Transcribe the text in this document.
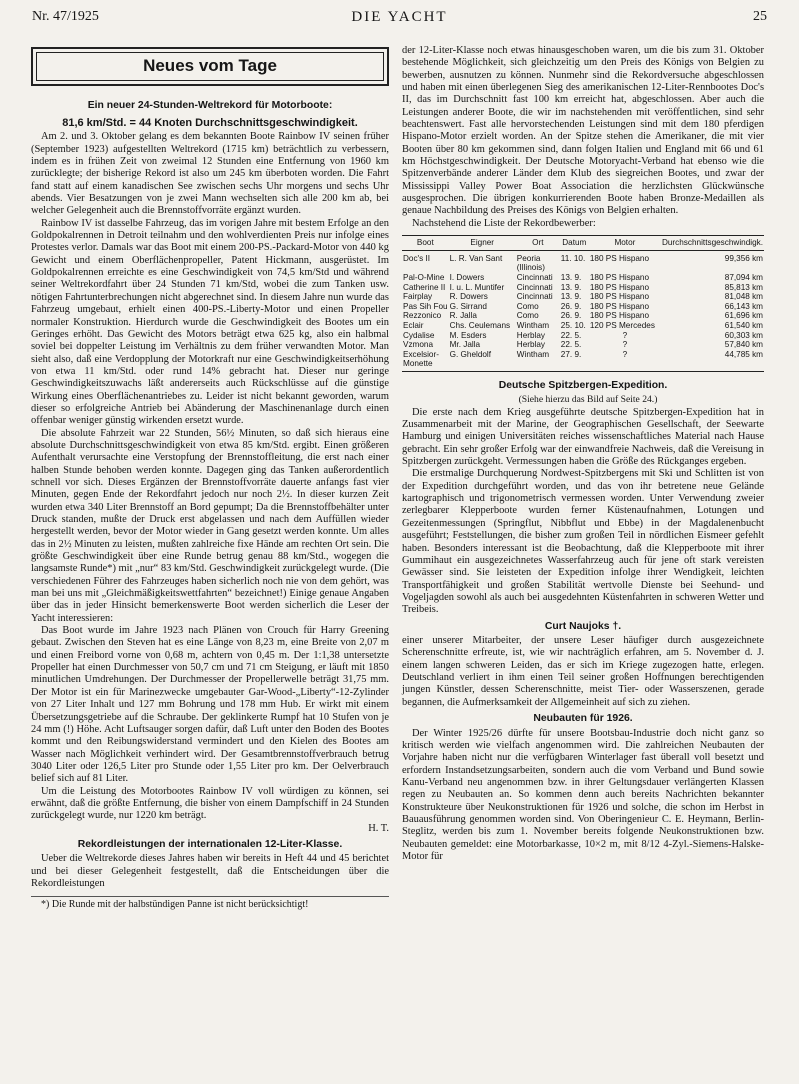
Nr. 47/1925	DIE YACHT	25
Neues vom Tage
Ein neuer 24-Stunden-Weltrekord für Motorboote:
81,6 km/Std. = 44 Knoten Durchschnittsgeschwindigkeit.

Am 2. und 3. Oktober gelang es dem bekannten Boote Rainbow IV seinen früher (September 1923) aufgestellten Weltrekord (1715 km) beträchtlich zu verbessern, indem es in frühen Zeit von zweimal 12 Stunden eine Entfernung von 1960 km zurücklegte; der bisherige Rekord ist also um 245 km überboten worden. Die Fahrt fand statt auf einem kanadischen See zwischen sechs Uhr morgens und sechs Uhr abends. Vier Besatzungen von je zwei Mann wechselten sich alle 200 km ab, bei welcher Gelegenheit auch die Brennstoffvorräte ergänzt wurden.

Rainbow IV ist dasselbe Fahrzeug, das im vorigen Jahre mit bestem Erfolge an den Goldpokalrennen in Detroit teilnahm und den wohlverdienten Preis nur infolge eines Protestes verlor. Damals war das Boot mit einem 200-PS.-Packard-Motor von 440 kg Gewicht und einem Oberflächenpropeller, Patent Hickmann, ausgerüstet. Im Goldpokalrennen erreichte es eine Geschwindigkeit von 74,5 km/Std und während seiner Weltrekordfahrt über 24 Stunden 71 km/Std, wobei die zum Tanken usw. nötigen Fahrtunterbrechungen nicht abgerechnet sind. In diesem Jahre nun wurde das Fahrzeug umgebaut, erhielt einen 400-PS.-Liberty-Motor und einen Propeller normaler Konstruktion. Hierdurch wurde die Geschwindigkeit des Bootes um ein Geringes erhöht. Das Gewicht des Motors beträgt etwa 625 kg, also ein halbmal soviel bei doppelter Leistung im Verhältnis zu dem früher verwandten Motor. Man sieht also, daß eine Verdopplung der Motorkraft nur eine Geschwindigkeitserhöhung von etwa 11 km/Std. oder rund 14% gebracht hat. Dieser nur geringe Geschwindigkeitszuwachs läßt andererseits auch Rückschlüsse auf die günstige Wirkung eines Oberflächenantriebes zu. Leider ist nicht bekannt geworden, warum dieser so erfolgreiche Antrieb bei Abänderung der Maschinenanlage durch einen offenbar weniger günstig wirkenden ersetzt wurde.

Die absolute Fahrzeit war 22 Stunden, 56½ Minuten, so daß sich hieraus eine absolute Durchschnittsgeschwindigkeit von etwa 85 km/Std. ergibt. Einen größeren Aufenthalt verursachte eine Verstopfung der Brennstoffleitung, die erst nach einer halben Stunde behoben werden konnte. Dagegen ging das Tanken außerordentlich schnell vor sich. Dieses Ergänzen der Brennstoffvorräte dauerte anfangs fast vier Minuten, gegen Ende der Rekordfahrt jedoch nur noch 2½. In dieser kurzen Zeit wurden etwa 340 Liter Brennstoff an Bord gepumpt; Da die Brennstoffbehälter unter Druck standen, mußte der Druck erst abgelassen und nach dem Auffüllen wieder hergestellt werden, bevor der Motor wieder in Gang gesetzt werden konnte. Um alles das in 2½ Minuten zu leisten, mußten zahlreiche fixe Hände am rechten Ort sein. Die größte Geschwindigkeit über eine Runde betrug genau 88 km/Std., wogegen die langsamste Runde*) mit „nur“ 83 km/Std. Geschwindigkeit zurückgelegt wurde. (Die verschiedenen Führer des Fahrzeuges haben sicherlich noch nie von dem gehört, was man bei uns mit „Gleichmäßigkeitswettfahrten“ bezeichnet!) Einige genaue Angaben über das in jeder Hinsicht bemerkenswerte Boot werden sicherlich die Leser der Yacht interessieren:

Das Boot wurde im Jahre 1923 nach Plänen von Crouch für Harry Greening gebaut. Zwischen den Steven hat es eine Länge von 8,23 m, eine Breite von 2,07 m und einen Freibord vorne von 0,68 m, achtern von 0,45 m. Der 1:1,38 untersetzte Propeller hat einen Durchmesser von 50,7 cm und 71 cm Steigung, er läuft mit 1850 minutlichen Umdrehungen. Der Durchmesser der Propellerwelle beträgt 31,75 mm. Der Motor ist ein für Marinezwecke umgebauter Gar-Wood-„Liberty“-12-Zylinder von 27 Liter Inhalt und 127 mm Bohrung und 178 mm Hub. Er wirkt mit einem Übersetzungsgetriebe auf die Schraube. Der geklinkerte Rumpf hat 10 Stufen von je 24 mm (!) Höhe. Acht Luftsauger sorgen dafür, daß Luft unter den Boden des Bootes kommt und den Reibungswiderstand vermindert und den Kielen des Bootes am Wasser nach Möglichkeit verhindert wird. Der Gesamtbrennstoffverbrauch betrug 3040 Liter oder 126,5 Liter pro Stunde oder 1,55 Liter pro km. Der Oelverbrauch belief sich auf 81 Liter.

Um die Leistung des Motorbootes Rainbow IV voll würdigen zu können, sei erwähnt, daß die größte Entfernung, die bisher von einem Dampfschiff in 24 Stunden zurückgelegt wurde, nur 1220 km beträgt.

H. T.

Rekordleistungen der internationalen 12-Liter-Klasse.

Ueber die Weltrekorde dieses Jahres haben wir bereits in Heft 44 und 45 berichtet und bei dieser Gelegenheit festgestellt, daß die Entscheidungen über die Rekordleistungen

*) Die Runde mit der halbstündigen Panne ist nicht berücksichtigt!

der 12-Liter-Klasse noch etwas hinausgeschoben waren, um die bis zum 31. Oktober bestehende Möglichkeit, sich gleichzeitig um den Preis des Königs von Belgien zu bewerben, ausnutzen zu können. Nunmehr sind die Rekordversuche abgeschlossen und haben mit einen überlegenen Sieg des amerikanischen 12-Liter-Rennbootes Doc's II, das im Durchschnitt fast 100 km erreicht hat, abgeschlossen. Aber auch die Leistungen anderer Boote, die wir im nachstehenden mit veröffentlichen, sind sehr beachtenswert. Fast alle hervorstechenden Leistungen sind mit dem 180 pferdigen Hispano-Motor erzielt worden. An der Spitze stehen die Amerikaner, die mit vier Booten über 80 km gekommen sind, dann folgen Italien und England mit 66 und 61 km Höchstgeschwindigkeit. Der Deutsche Motoryacht-Verband hat ebenso wie die Spitzenverbände anderer Länder dem Klub des siegreichen Bootes, und zwar der Mississippi Valley Power Boat Association die herzlichsten Glückwünsche ausgesprochen. Die übrigen konkurrierenden Boote haben Bronze-Medaillen als genaue Nachbildung des Preises des Königs von Belgien erhalten.

Nachstehend die Liste der Rekordbewerber:

Boot	Eigner	Ort	Datum	Motor	Durchschnittsgeschwindigk.
Doc's II	L. R. Van Sant	Peoria (Illinois)	11. 10.	180 PS Hispano	99,356 km
Pal-O-Mine	I. Dowers	Cincinnati	13. 9.	180 PS Hispano	87,094 km
Catherine II	I. u. L. Muntifer	Cincinnati	13. 9.	180 PS Hispano	85,813 km
Fairplay	R. Dowers	Cincinnati	13. 9.	180 PS Hispano	81,048 km
Pas Sih Fou	G. Sirrand	Como	26. 9.	180 PS Hispano	66,143 km
Rezzonico	R. Jalla	Como	26. 9.	180 PS Hispano	61,696 km
Eclair	Chs. Ceulemans	Wintham	25. 10.	120 PS Mercedes	61,540 km
Cydalise	M. Esders	Herblay	22. 5.	?	60,303 km
Vzmona	Mr. Jalla	Herblay	22. 5.	?	57,840 km
Excelsior-Monette	G. Gheldolf	Wintham	27. 9.	?	44,785 km
Deutsche Spitzbergen-Expedition.

(Siehe hierzu das Bild auf Seite 24.)

Die erste nach dem Krieg ausgeführte deutsche Spitzbergen-Expedition hat in Zusammenarbeit mit der Marine, der Geographischen Gesellschaft, der Seewarte Hamburg und einigen Universitäten reiches wissenschaftliches Material nach Hause gebracht. Ein sehr großer Erfolg war der einwandfreie Nachweis, daß die Vereisung in Spitzbergen zurückgeht. Vermessungen haben die Größe des Rückganges ergeben.

Die erstmalige Durchquerung Nordwest-Spitzbergens mit Ski und Schlitten ist von der Expedition durchgeführt worden, und das von ihr betretene neue Gelände kartographisch und trigonometrisch vermessen worden. Unter Verwendung zweier zerlegbarer Klepperboote wurden ferner Küstenaufnahmen, Lotungen und Gezeitenmessungen (Springflut, Nibbflut und Ebbe) in der Magdalenenbucht ausgeführt; Feststellungen, die bisher zum großen Teil in nördlichen Eismeer gefehlt haben. Besonders interessant ist die Beobachtung, daß die Klepperboote mit ihrer Gummihaut ein ausgezeichnetes Wasserfahrzeug auch für jene oft stark vereisten Gewässer sind. Sie leisteten der Expedition infolge ihrer Wendigkeit, leichten Transportfähigkeit und großen Stabilität wertvolle Dienste bei Seehund- und Vogeljagden sowohl als auch bei ausgedehnten Küstenfahrten in schweren Wetter und Treibeis.

Curt Naujoks †.

einer unserer Mitarbeiter, der unsere Leser häufiger durch ausgezeichnete Scherenschnitte erfreute, ist, wie wir nachträglich erfahren, am 5. November d. J. einem langen schweren Leiden, das er sich im Kriege zugezogen hatte, erlegen. Deutschland verliert in ihm einen Teil seiner großen Hoffnungen berechtigenden jungen Künstler, dessen Scherenschnitte, meist Tier- oder Wasserszenen, gerade begannen, die Aufmerksamkeit der Allgemeinheit auf sich zu ziehen.

Neubauten für 1926.

Der Winter 1925/26 dürfte für unsere Bootsbau-Industrie doch nicht ganz so kritisch werden wie vielfach angenommen wird. Die zahlreichen Neubauten der Vorjahre haben nicht nur die verfügbaren Winterlager fast überall voll besetzt und erfordern Instandsetzungsarbeiten, sondern auch die vom Verband und Bund sowie Kanu-Verband neu angenommen bzw. in ihrer Geltungsdauer verlängerten Klassen regen zu Neubauten an. So kommen denn auch bereits Nachrichten bekannter Konstrukteure über Neukonstruktionen für 1926 und solche, die schon im Herbst in Bauausführung genommen worden sind. Von Oberingenieur C. E. Heymann, Berlin-Steglitz, werden bis zum 1. November bereits folgende Neukonstruktionen bzw. Neubauten gemeldet: eine Motorbarkasse, 10×2 m, mit 8/12 4-Zyl.-Siemens-Halske-Motor für
